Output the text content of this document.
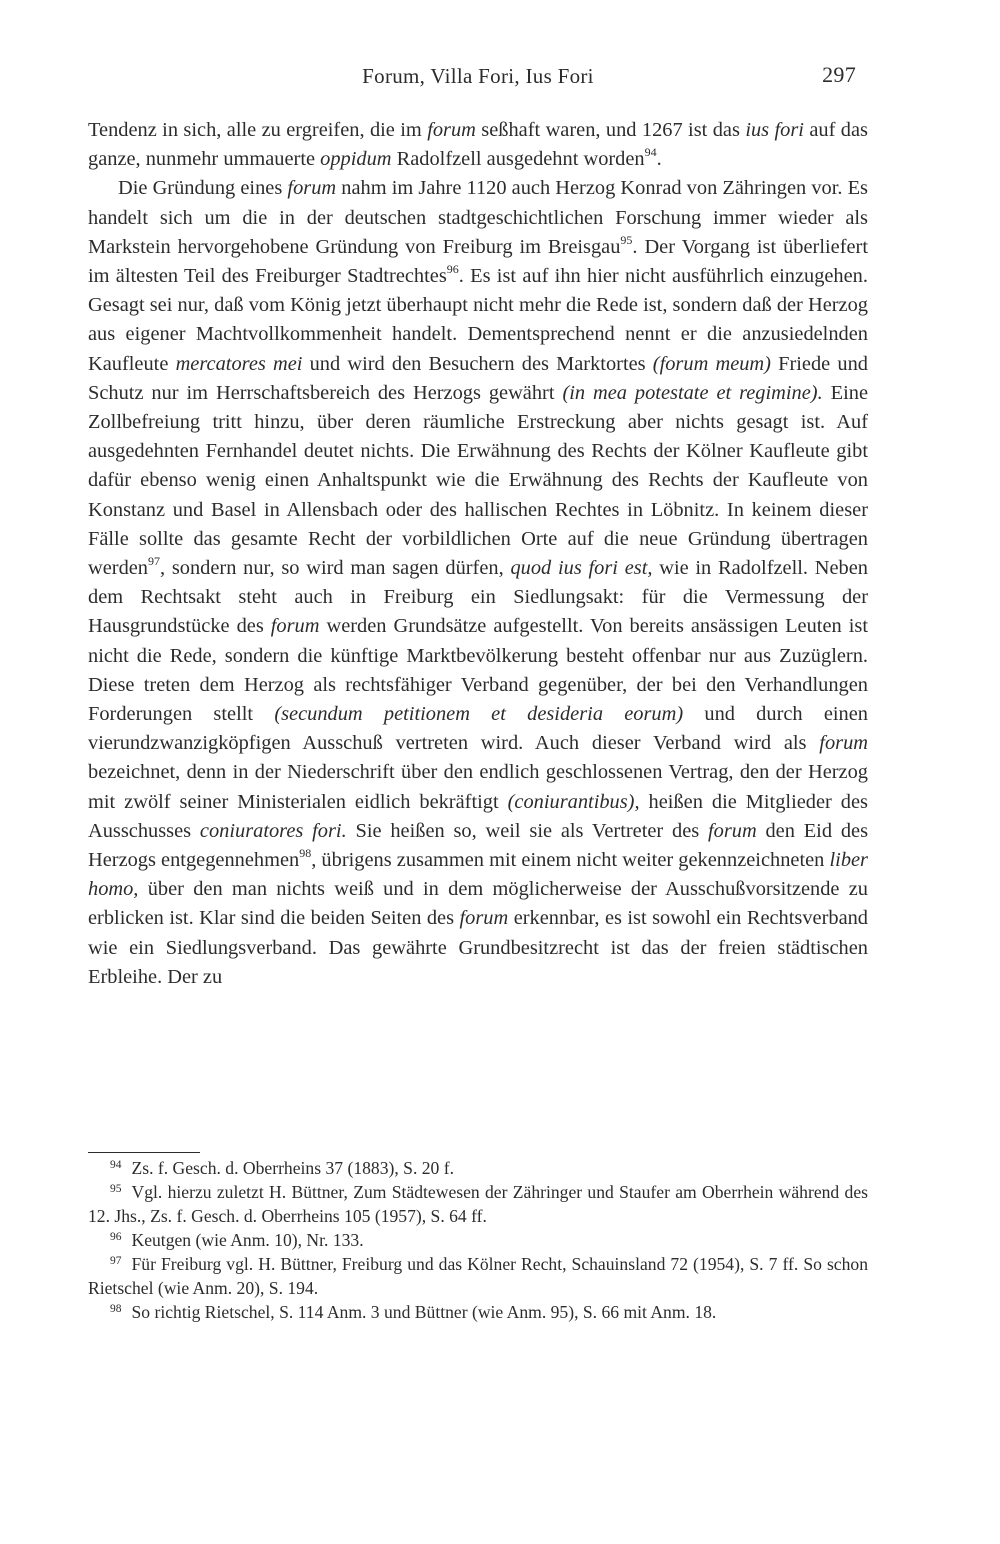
Forum, Villa Fori, Ius Fori	297

Tendenz in sich, alle zu ergreifen, die im forum seßhaft waren, und 1267 ist das ius fori auf das ganze, nunmehr ummauerte oppidum Radolfzell ausgedehnt worden$^{94}$.

Die Gründung eines forum nahm im Jahre 1120 auch Herzog Konrad von Zähringen vor. Es handelt sich um die in der deutschen stadtgeschichtlichen Forschung immer wieder als Markstein hervorgehobene Gründung von Freiburg im Breisgau$^{95}$. Der Vorgang ist überliefert im ältesten Teil des Freiburger Stadtrechtes$^{96}$. Es ist auf ihn hier nicht ausführlich einzugehen. Gesagt sei nur, daß vom König jetzt überhaupt nicht mehr die Rede ist, sondern daß der Herzog aus eigener Machtvollkommenheit handelt. Dementsprechend nennt er die anzusiedelnden Kaufleute mercatores mei und wird den Besuchern des Marktortes (forum meum) Friede und Schutz nur im Herrschaftsbereich des Herzogs gewährt (in mea potestate et regimine). Eine Zollbefreiung tritt hinzu, über deren räumliche Erstreckung aber nichts gesagt ist. Auf ausgedehnten Fernhandel deutet nichts. Die Erwähnung des Rechts der Kölner Kaufleute gibt dafür ebenso wenig einen Anhaltspunkt wie die Erwähnung des Rechts der Kaufleute von Konstanz und Basel in Allensbach oder des hallischen Rechtes in Löbnitz. In keinem dieser Fälle sollte das gesamte Recht der vorbildlichen Orte auf die neue Gründung übertragen werden$^{97}$, sondern nur, so wird man sagen dürfen, quod ius fori est, wie in Radolfzell. Neben dem Rechtsakt steht auch in Freiburg ein Siedlungsakt: für die Vermessung der Hausgrundstücke des forum werden Grundsätze aufgestellt. Von bereits ansässigen Leuten ist nicht die Rede, sondern die künftige Marktbevölkerung besteht offenbar nur aus Zuzüglern. Diese treten dem Herzog als rechtsfähiger Verband gegenüber, der bei den Verhandlungen Forderungen stellt (secundum petitionem et desideria eorum) und durch einen vierundzwanzigköpfigen Ausschuß vertreten wird. Auch dieser Verband wird als forum bezeichnet, denn in der Niederschrift über den endlich geschlossenen Vertrag, den der Herzog mit zwölf seiner Ministerialen eidlich bekräftigt (coniurantibus), heißen die Mitglieder des Ausschusses coniuratores fori. Sie heißen so, weil sie als Vertreter des forum den Eid des Herzogs entgegennehmen$^{98}$, übrigens zusammen mit einem nicht weiter gekennzeichneten liber homo, über den man nichts weiß und in dem möglicherweise der Ausschußvorsitzende zu erblicken ist. Klar sind die beiden Seiten des forum erkennbar, es ist sowohl ein Rechtsverband wie ein Siedlungsverband. Das gewährte Grundbesitzrecht ist das der freien städtischen Erbleihe. Der zu

$^{94}$ Zs. f. Gesch. d. Oberrheins 37 (1883), S. 20 f.

$^{95}$ Vgl. hierzu zuletzt H. Büttner, Zum Städtewesen der Zähringer und Staufer am Oberrhein während des 12. Jhs., Zs. f. Gesch. d. Oberrheins 105 (1957), S. 64 ff.

$^{96}$ Keutgen (wie Anm. 10), Nr. 133.

$^{97}$ Für Freiburg vgl. H. Büttner, Freiburg und das Kölner Recht, Schauinsland 72 (1954), S. 7 ff. So schon Rietschel (wie Anm. 20), S. 194.

$^{98}$ So richtig Rietschel, S. 114 Anm. 3 und Büttner (wie Anm. 95), S. 66 mit Anm. 18.
